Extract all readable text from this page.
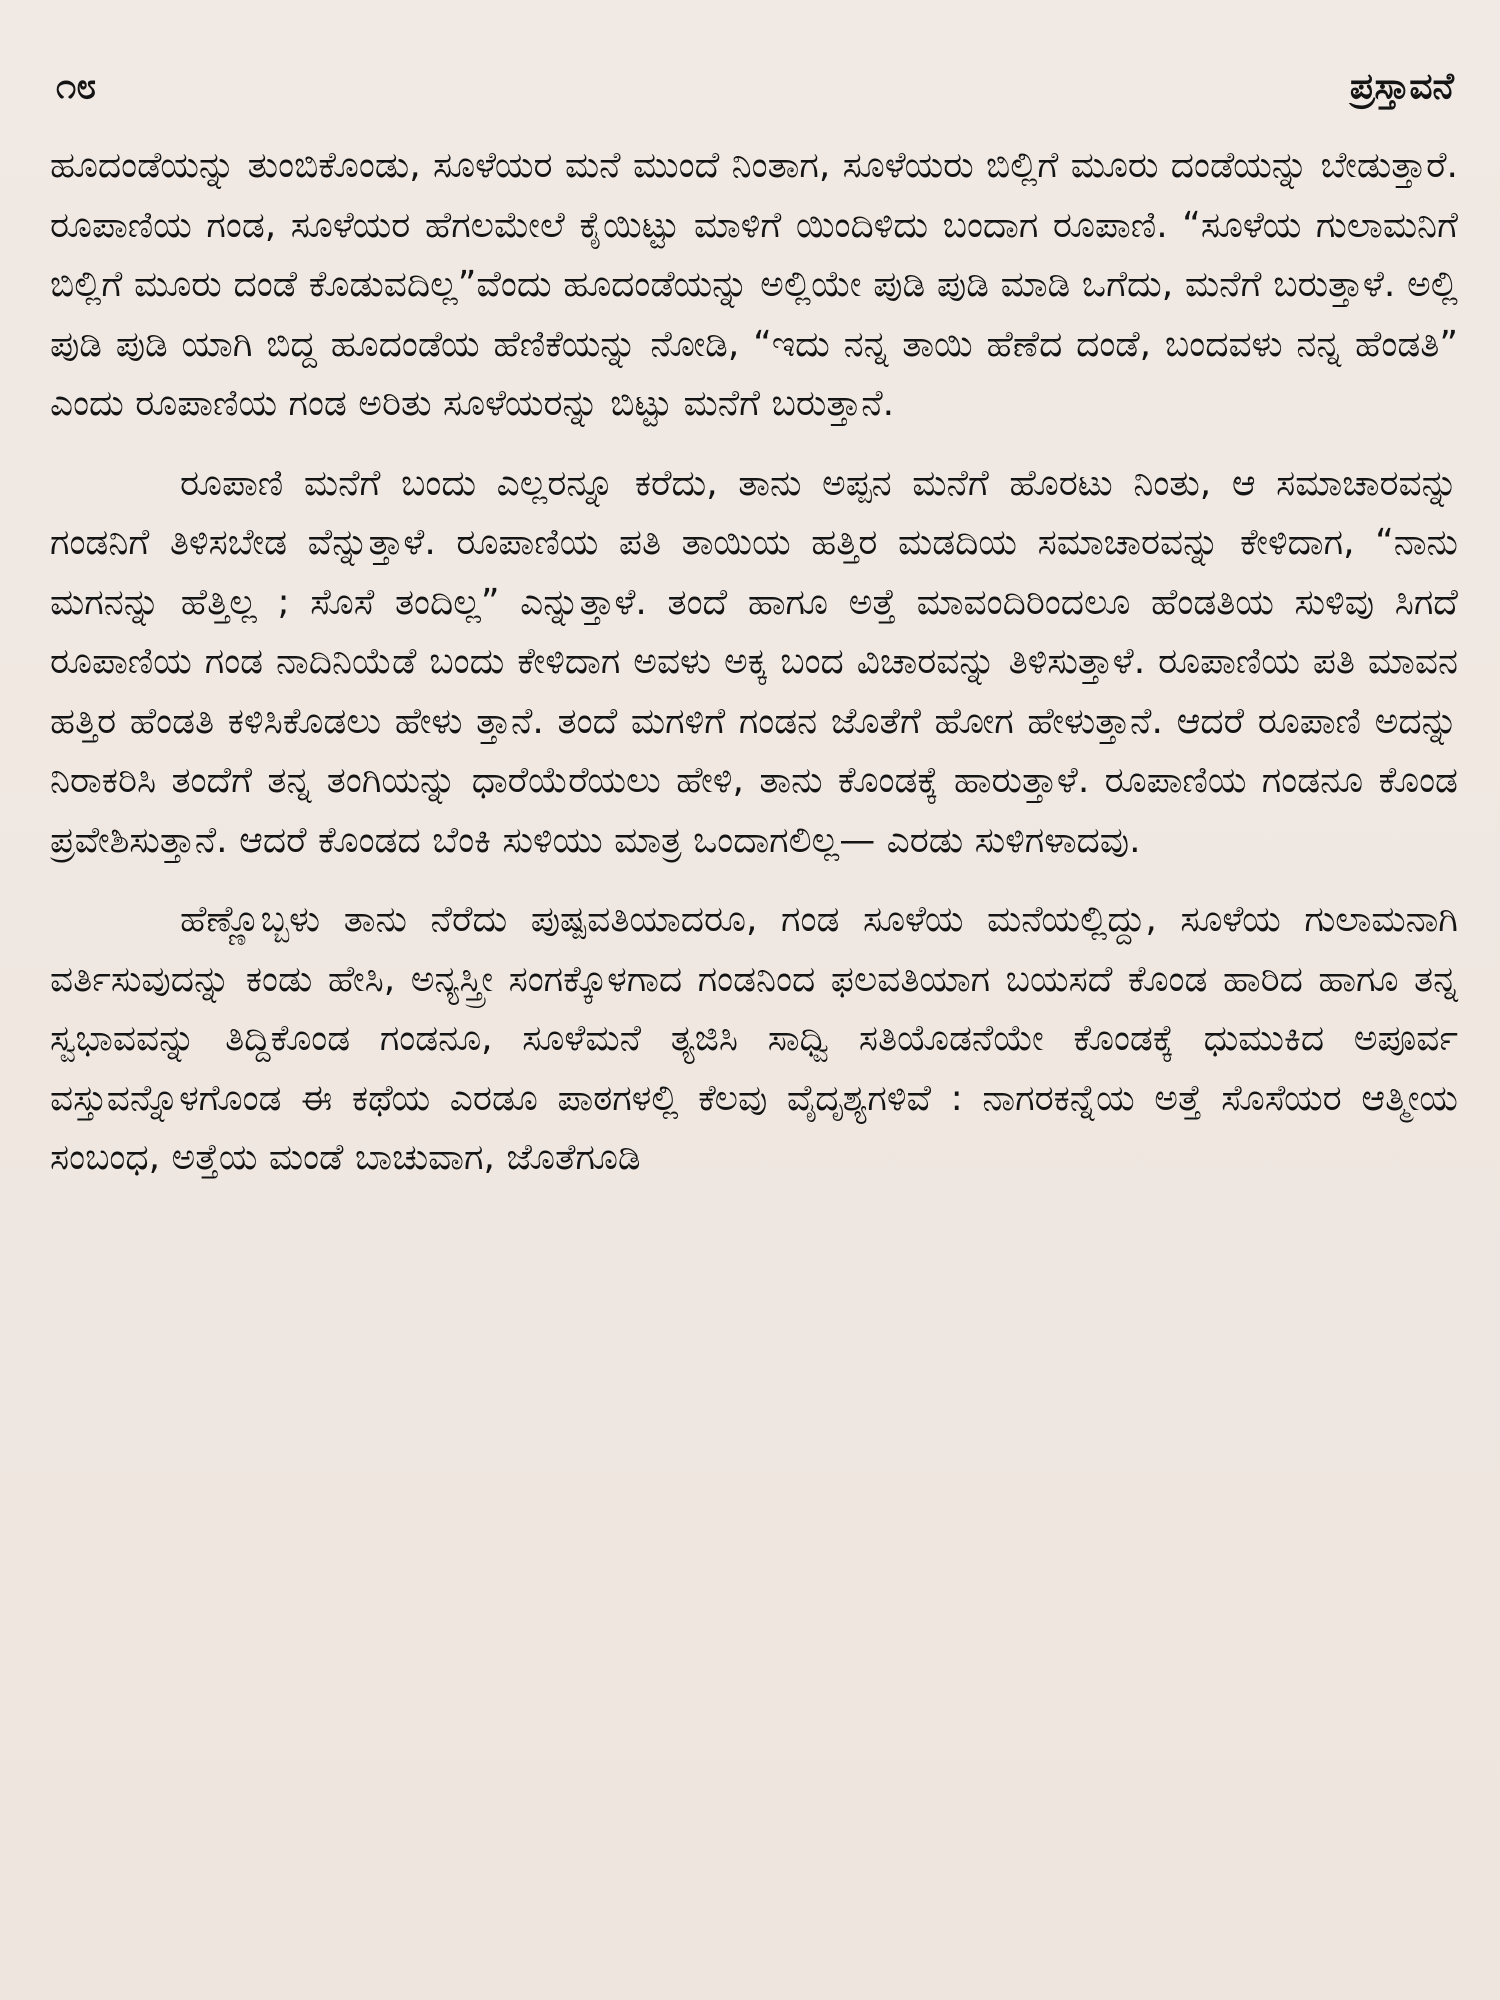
೧೮	ಪ್ರಸ್ತಾವನೆ

ಹೂದಂಡೆಯನ್ನು ತುಂಬಿಕೊಂಡು, ಸೂಳೆಯರ ಮನೆ ಮುಂದೆ ನಿಂತಾಗ, ಸೂಳೆಯರು ಬಿಲ್ಲಿಗೆ ಮೂರು ದಂಡೆಯನ್ನು ಬೇಡುತ್ತಾರೆ. ರೂಪಾಣಿಯ ಗಂಡ, ಸೂಳೆಯರ ಹೆಗಲಮೇಲೆ ಕೈಯಿಟ್ಟು ಮಾಳಿಗೆ ಯಿಂದಿಳಿದು ಬಂದಾಗ ರೂಪಾಣಿ. “ಸೂಳೆಯ ಗುಲಾಮನಿಗೆ ಬಿಲ್ಲಿಗೆ ಮೂರು ದಂಡೆ ಕೊಡುವದಿಲ್ಲ”ವೆಂದು ಹೂದಂಡೆಯನ್ನು ಅಲ್ಲಿಯೇ ಪುಡಿ ಪುಡಿ ಮಾಡಿ ಒಗೆದು, ಮನೆಗೆ ಬರುತ್ತಾಳೆ. ಅಲ್ಲಿ ಪುಡಿ ಪುಡಿ ಯಾಗಿ ಬಿದ್ದ ಹೂದಂಡೆಯ ಹೆಣಿಕೆಯನ್ನು ನೋಡಿ, “ಇದು ನನ್ನ ತಾಯಿ ಹೆಣೆದ ದಂಡೆ, ಬಂದವಳು ನನ್ನ ಹೆಂಡತಿ” ಎಂದು ರೂಪಾಣಿಯ ಗಂಡ ಅರಿತು ಸೂಳೆಯರನ್ನು ಬಿಟ್ಟು ಮನೆಗೆ ಬರುತ್ತಾನೆ.

ರೂಪಾಣಿ ಮನೆಗೆ ಬಂದು ಎಲ್ಲರನ್ನೂ ಕರೆದು, ತಾನು ಅಪ್ಪನ ಮನೆಗೆ ಹೊರಟು ನಿಂತು, ಆ ಸಮಾಚಾರವನ್ನು ಗಂಡನಿಗೆ ತಿಳಿಸಬೇಡ ವೆನ್ನುತ್ತಾಳೆ. ರೂಪಾಣಿಯ ಪತಿ ತಾಯಿಯ ಹತ್ತಿರ ಮಡದಿಯ ಸಮಾಚಾರವನ್ನು ಕೇಳಿದಾಗ, “ನಾನು ಮಗನನ್ನು ಹೆತ್ತಿಲ್ಲ ; ಸೊಸೆ ತಂದಿಲ್ಲ” ಎನ್ನುತ್ತಾಳೆ. ತಂದೆ ಹಾಗೂ ಅತ್ತೆ ಮಾವಂದಿರಿಂದಲೂ ಹೆಂಡತಿಯ ಸುಳಿವು ಸಿಗದೆ ರೂಪಾಣಿಯ ಗಂಡ ನಾದಿನಿಯೆಡೆ ಬಂದು ಕೇಳಿದಾಗ ಅವಳು ಅಕ್ಕ ಬಂದ ವಿಚಾರವನ್ನು ತಿಳಿಸುತ್ತಾಳೆ. ರೂಪಾಣಿಯ ಪತಿ ಮಾವನ ಹತ್ತಿರ ಹೆಂಡತಿ ಕಳಿಸಿಕೊಡಲು ಹೇಳು ತ್ತಾನೆ. ತಂದೆ ಮಗಳಿಗೆ ಗಂಡನ ಜೊತೆಗೆ ಹೋಗ ಹೇಳುತ್ತಾನೆ. ಆದರೆ ರೂಪಾಣಿ ಅದನ್ನು ನಿರಾಕರಿಸಿ ತಂದೆಗೆ ತನ್ನ ತಂಗಿಯನ್ನು ಧಾರೆಯೆರೆಯಲು ಹೇಳಿ, ತಾನು ಕೊಂಡಕ್ಕೆ ಹಾರುತ್ತಾಳೆ. ರೂಪಾಣಿಯ ಗಂಡನೂ ಕೊಂಡ ಪ್ರವೇಶಿಸುತ್ತಾನೆ. ಆದರೆ ಕೊಂಡದ ಬೆಂಕಿ ಸುಳಿಯು ಮಾತ್ರ ಒಂದಾಗಲಿಲ್ಲ— ಎರಡು ಸುಳಿಗಳಾದವು.

ಹೆಣ್ಣೊಬ್ಬಳು ತಾನು ನೆರೆದು ಪುಷ್ಪವತಿಯಾದರೂ, ಗಂಡ ಸೂಳೆಯ ಮನೆಯಲ್ಲಿದ್ದು, ಸೂಳೆಯ ಗುಲಾಮನಾಗಿ ವರ್ತಿಸುವುದನ್ನು ಕಂಡು ಹೇಸಿ, ಅನ್ಯಸ್ತ್ರೀ ಸಂಗಕ್ಕೊಳಗಾದ ಗಂಡನಿಂದ ಫಲವತಿಯಾಗ ಬಯಸದೆ ಕೊಂಡ ಹಾರಿದ ಹಾಗೂ ತನ್ನ ಸ್ವಭಾವವನ್ನು ತಿದ್ದಿಕೊಂಡ ಗಂಡನೂ, ಸೂಳೆಮನೆ ತ್ಯಜಿಸಿ ಸಾಧ್ವಿ ಸತಿಯೊಡನೆಯೇ ಕೊಂಡಕ್ಕೆ ಧುಮುಕಿದ ಅಪೂರ್ವ ವಸ್ತುವನ್ನೊಳಗೊಂಡ ಈ ಕಥೆಯ ಎರಡೂ ಪಾಠಗಳಲ್ಲಿ ಕೆಲವು ವೈದೃಶ್ಯಗಳಿವೆ : ನಾಗರಕನ್ನೆಯ ಅತ್ತೆ ಸೊಸೆಯರ ಆತ್ಮೀಯ ಸಂಬಂಧ, ಅತ್ತೆಯ ಮಂಡೆ ಬಾಚುವಾಗ, ಜೊತೆಗೂಡಿ
